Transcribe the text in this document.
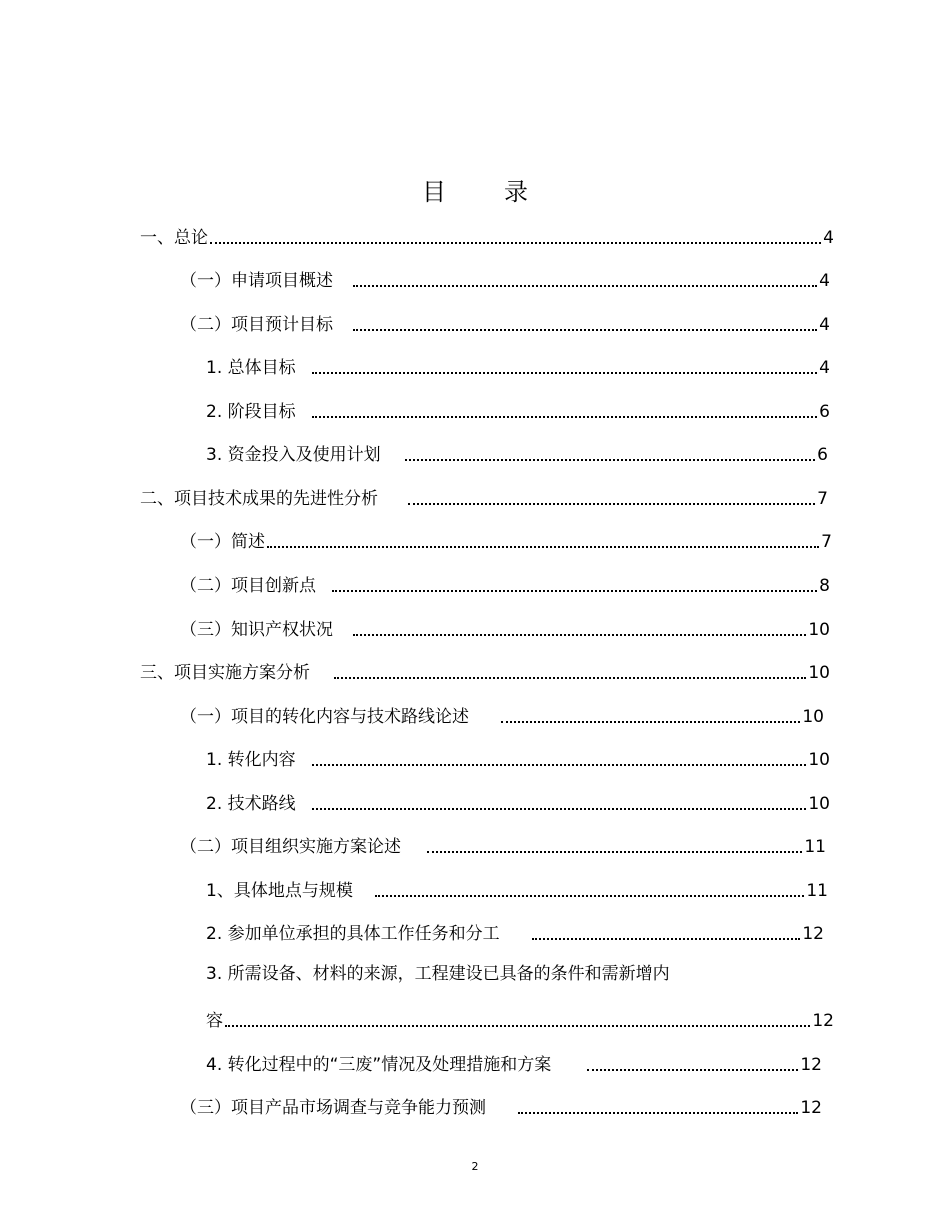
目 录
一、总论	4
（一）申请项目概述	4
（二）项目预计目标	4
1. 总体目标	4
2. 阶段目标	6
3. 资金投入及使用计划	6
二、项目技术成果的先进性分析	7
（一）简述	7
（二）项目创新点	8
（三）知识产权状况	10
三、项目实施方案分析	10
（一）项目的转化内容与技术路线论述	10
1. 转化内容	10
2. 技术路线	10
（二）项目组织实施方案论述	11
1、具体地点与规模	11
2. 参加单位承担的具体工作任务和分工	12
3. 所需设备、材料的来源，工程建设已具备的条件和需新增内
容	12
4. 转化过程中的“三废”情况及处理措施和方案	12
（三）项目产品市场调查与竞争能力预测	12
2
